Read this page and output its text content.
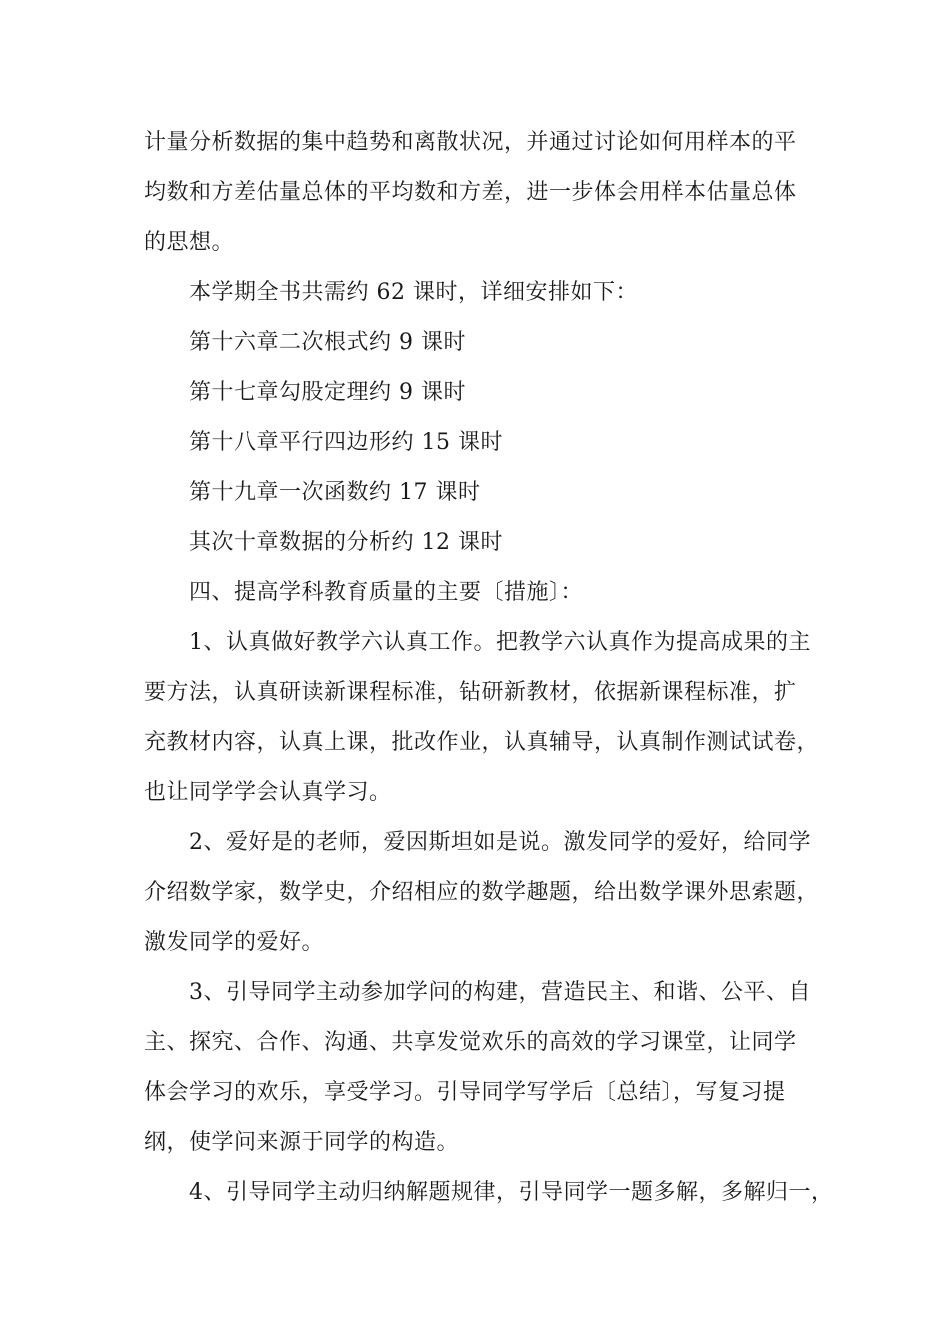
计量分析数据的集中趋势和离散状况，并通过讨论如何用样本的平
均数和方差估量总体的平均数和方差，进一步体会用样本估量总体
的思想。
本学期全书共需约 62 课时，详细安排如下：
第十六章二次根式约 9 课时
第十七章勾股定理约 9 课时
第十八章平行四边形约 15 课时
第十九章一次函数约 17 课时
其次十章数据的分析约 12 课时
四、提高学科教育质量的主要〔措施〕：
1、认真做好教学六认真工作。把教学六认真作为提高成果的主
要方法，认真研读新课程标准，钻研新教材，依据新课程标准，扩
充教材内容，认真上课，批改作业，认真辅导，认真制作测试试卷，
也让同学学会认真学习。
2、爱好是的老师，爱因斯坦如是说。激发同学的爱好，给同学
介绍数学家，数学史，介绍相应的数学趣题，给出数学课外思索题，
激发同学的爱好。
3、引导同学主动参加学问的构建，营造民主、和谐、公平、自
主、探究、合作、沟通、共享发觉欢乐的高效的学习课堂，让同学
体会学习的欢乐，享受学习。引导同学写学后〔总结〕，写复习提
纲，使学问来源于同学的构造。
4、引导同学主动归纳解题规律，引导同学一题多解，多解归一，
